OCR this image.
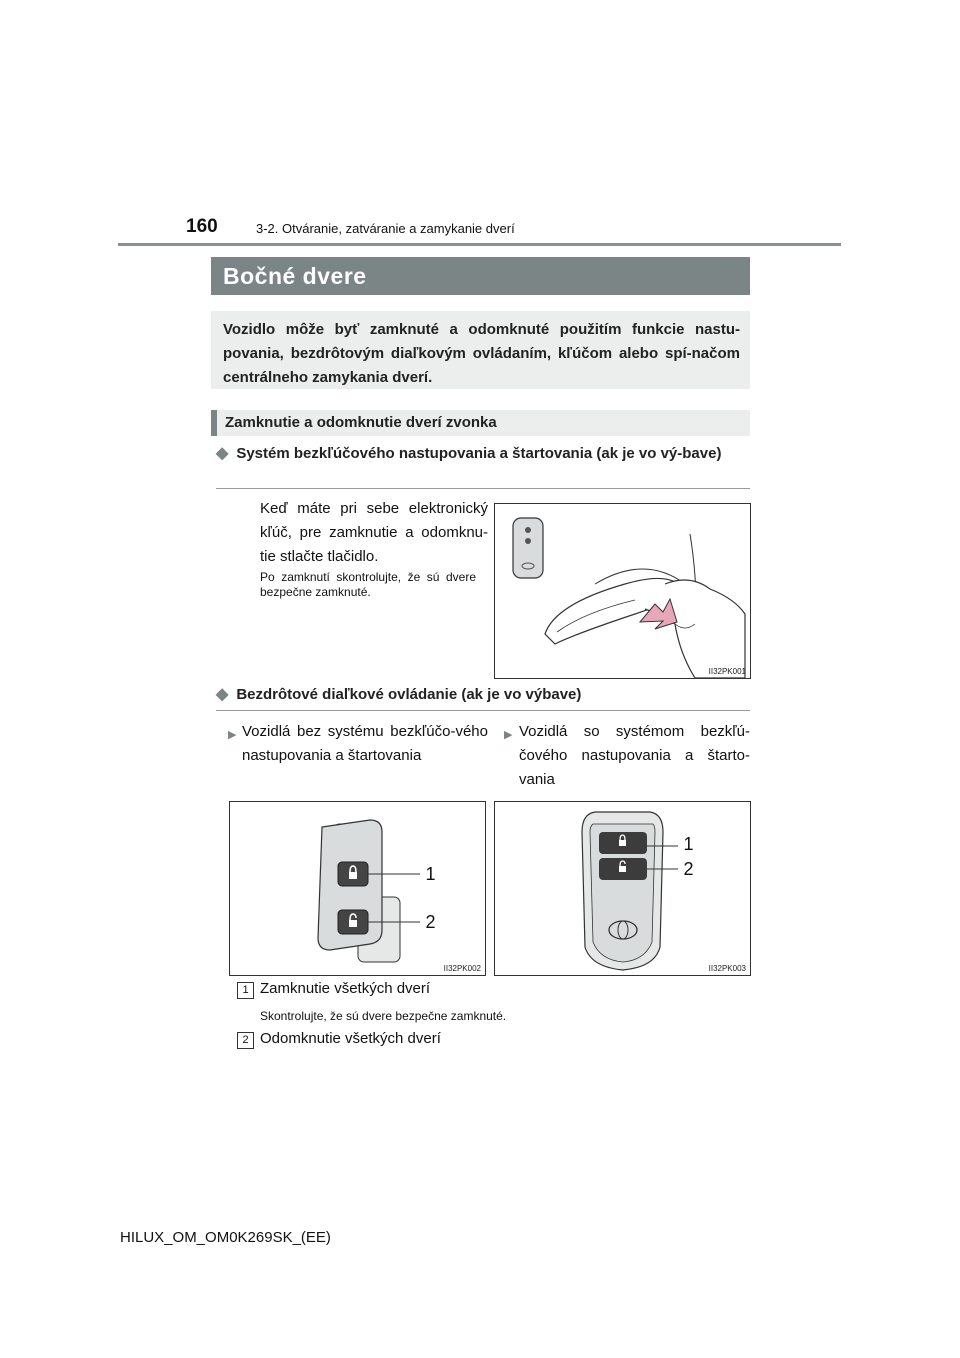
160	3-2. Otváranie, zatváranie a zamykanie dverí
Bočné dvere

Vozidlo môže byť zamknuté a odomknuté použitím funkcie nastu-povania, bezdrôtovým diaľkovým ovládaním, kľúčom alebo spí-načom centrálneho zamykania dverí.

Zamknutie a odomknutie dverí zvonka
◆ Systém bezkľúčového nastupovania a štartovania (ak je vo vý-bave)
Keď máte pri sebe elektronický kľúč, pre zamknutie a odomknu-tie stlačte tlačidlo.
Po zamknutí skontrolujte, že sú dvere bezpečne zamknuté.
II32PK001
◆ Bezdrôtové diaľkové ovládanie (ak je vo výbave)
▶ Vozidlá bez systému bezkľúčo-vého nastupovania a štartovania
▶ Vozidlá so systémom bezkľú-čového nastupovania a štarto-vania
1
2
II32PK002
1
2
II32PK003
1 Zamknutie všetkých dverí
Skontrolujte, že sú dvere bezpečne zamknuté.
2 Odomknutie všetkých dverí
HILUX_OM_OM0K269SK_(EE)
